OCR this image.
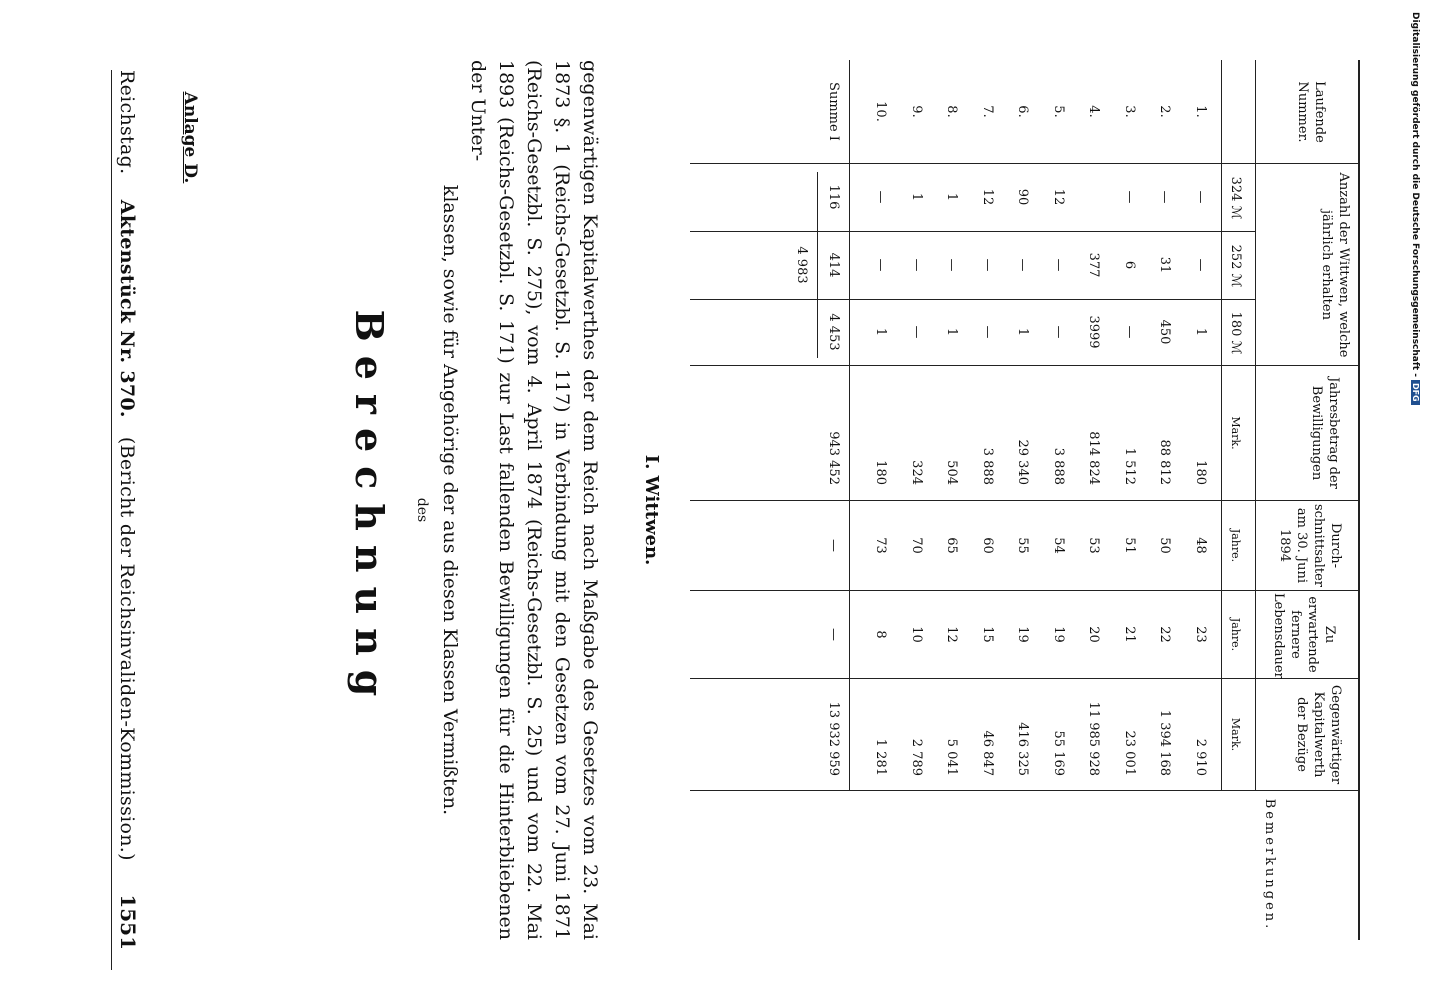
Reichstag.    Aktenstück Nr. 370.   (Bericht der Reichsinvaliden-Kommission.)
1551
Anlage D.
Berechnung des	gegenwärtigen Kapitalwerthes der dem Reich nach Maßgabe des Gesetzes vom 23. Mai 1873 §. 1 (Reichs-Gesetzbl. S. 117) in Verbindung mit den Gesetzen vom 27. Juni 1871 (Reichs-Gesetzbl. S. 275), vom 4. April 1874 (Reichs-Gesetzbl. S. 25) und vom 22. Mai 1893 (Reichs-Gesetzbl. S. 171) zur Last fallenden Bewilligungen für die Hinterbliebenen der Unter-
klassen, sowie für Angehörige der aus diesen Klassen Vermißten.	I. Wittwen.
Laufende Nummer.
Anzahl der Wittwen, welche jährlich erhalten
324 ℳ
252 ℳ
180 ℳ
Jahresbetrag der Bewilligungen
Mark.
Durch-schnittsalter am 30. Juni 1894
Jahre.
Zu erwartende fernere Lebensdauer
Jahre.
Gegenwärtiger Kapitalwerth der Bezüge
Mark.
Bemerkungen.
1.
—
—
1
180
48
23
2 910
2.
—
31
450
88 812
50
22
1 394 168
3.
—
6
—
1 512
51
21
23 001
4.
377
3999
814 824
53
20
11 985 928
5.
12
—
—
3 888
54
19
55 169
6.
90
—
1
29 340
55
19
416 325
7.
12
—
—
3 888
60
15
46 847
8.
1
—
1
504
65
12
5 041
9.
1
—
—
324
70
10
2 789
10.
—
—
1
180
73
8
1 281
Summe I
116
414
4 453
4 983
943 452
—
—
13 932 959
Digitalisierung gefördert durch die Deutsche Forschungsgemeinschaft -DFG
